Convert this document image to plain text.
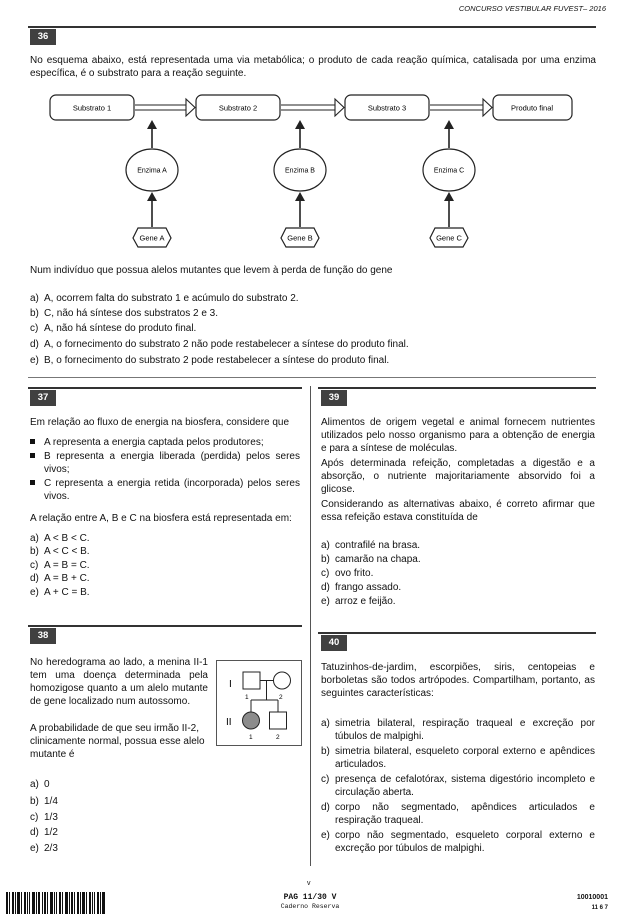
CONCURSO VESTIBULAR FUVEST– 2016
36
No esquema abaixo, está representada uma via metabólica; o produto de cada reação química, catalisada por uma enzima específica, é o substrato para a reação seguinte.
Substrato 1	Substrato 2	Substrato 3	Produto final
Enzima A	Enzima B	Enzima C
Gene A	Gene B	Gene C
Num indivíduo que possua alelos mutantes que levem à perda de função do gene
a) A, ocorrem falta do substrato 1 e acúmulo do substrato 2.
b) C, não há síntese dos substratos 2 e 3.
c) A, não há síntese do produto final.
d) A, o fornecimento do substrato 2 não pode restabelecer a síntese do produto final.
e) B, o fornecimento do substrato 2 pode restabelecer a síntese do produto final.
37
Em relação ao fluxo de energia na biosfera, considere que
A representa a energia captada pelos produtores;
B representa a energia liberada (perdida) pelos seres vivos;
C representa a energia retida (incorporada) pelos seres vivos.
A relação entre A, B e C na biosfera está representada em:
a) A < B < C.
b) A < C < B.
c) A = B = C.
d) A = B + C.
e) A + C = B.
38
No heredograma ao lado, a menina II-1 tem uma doença determinada pela homozigose quanto a um alelo mutante de gene localizado num autossomo.
A probabilidade de que seu irmão II-2, clinicamente normal, possua esse alelo mutante é
I
II
1	2
1	2
a) 0
b) 1/4
c) 1/3
d) 1/2
e) 2/3
39
Alimentos de origem vegetal e animal fornecem nutrientes utilizados pelo nosso organismo para a obtenção de energia e para a síntese de moléculas.
Após determinada refeição, completadas a digestão e a absorção, o nutriente majoritariamente absorvido foi a glicose.
Considerando as alternativas abaixo, é correto afirmar que essa refeição estava constituída de
a) contrafilé na brasa.
b) camarão na chapa.
c) ovo frito.
d) frango assado.
e) arroz e feijão.
40
Tatuzinhos-de-jardim, escorpiões, siris, centopeias e borboletas são todos artrópodes. Compartilham, portanto, as seguintes características:
a) simetria bilateral, respiração traqueal e excreção por túbulos de malpighi.
b) simetria bilateral, esqueleto corporal externo e apêndices articulados.
c) presença de cefalotórax, sistema digestório incompleto e circulação aberta.
d) corpo não segmentado, apêndices articulados e respiração traqueal.
e) corpo não segmentado, esqueleto corporal externo e excreção por túbulos de malpighi.
v
PAG 11/30 V
Caderno Reserva
10010001
11 6 7
